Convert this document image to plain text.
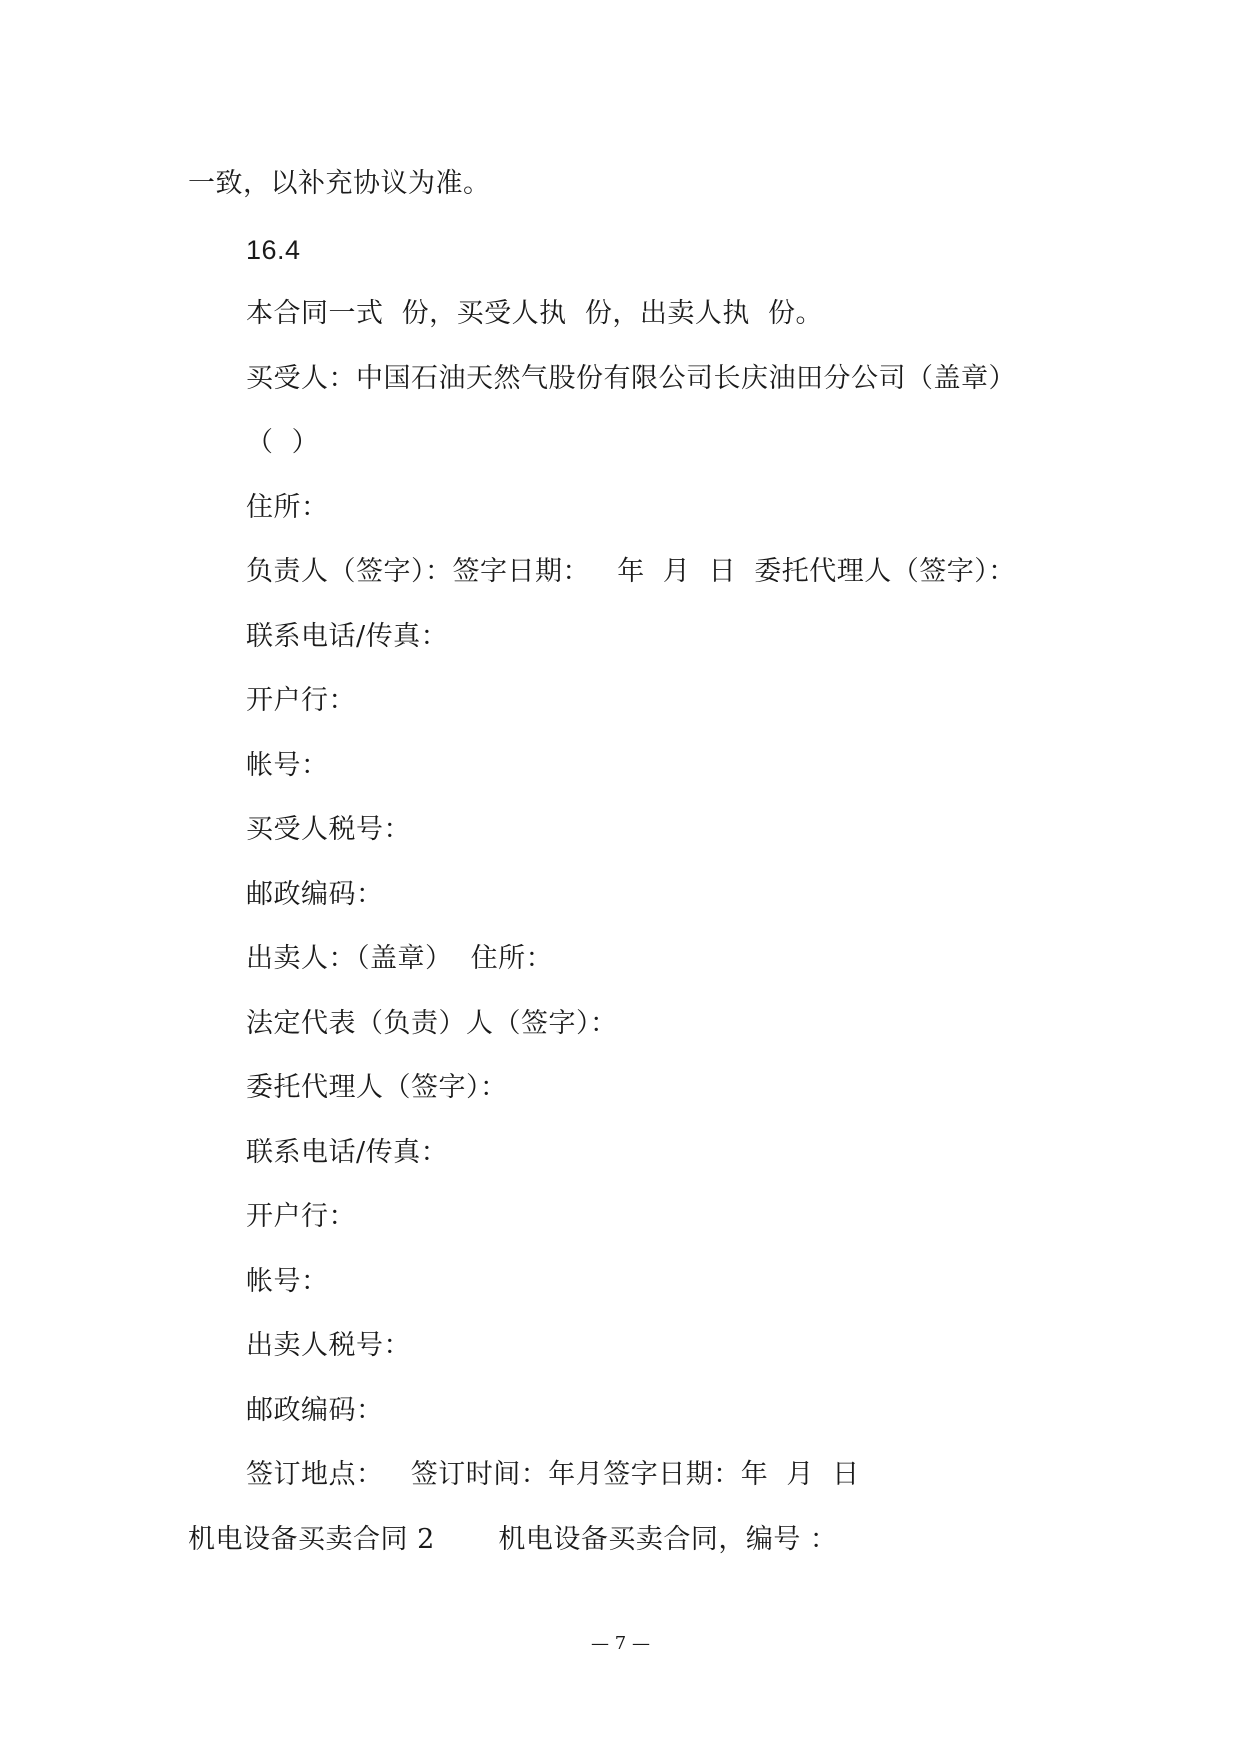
一致，以补充协议为准。
16.4
本合同一式  份，买受人执  份，出卖人执  份。
买受人：中国石油天然气股份有限公司长庆油田分公司（盖章）
（  ）
住所：
负责人（签字）：签字日期：   年  月  日  委托代理人（签字）：
联系电话/传真：
开户行：
帐号：
买受人税号：
邮政编码：
出卖人：（盖章）  住所：
法定代表（负责）人（签字）：
委托代理人（签字）：
联系电话/传真：
开户行：
帐号：
出卖人税号：
邮政编码：
签订地点：   签订时间：年月签字日期：年  月  日
机电设备买卖合同 2       机电设备买卖合同，编号 ：
— 7 —
